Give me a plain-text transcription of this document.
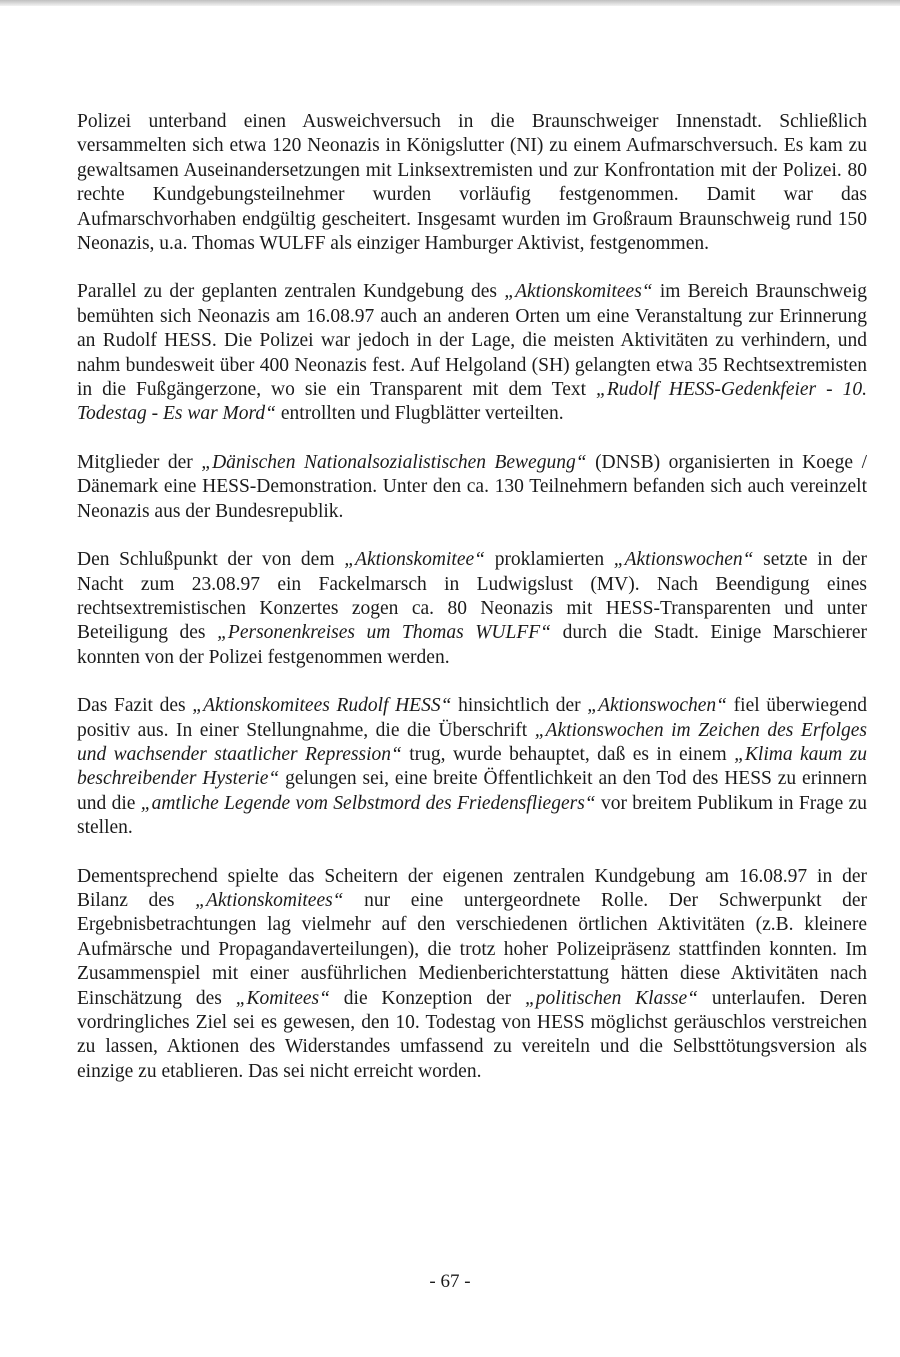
Polizei unterband einen Ausweichversuch in die Braunschweiger Innenstadt. Schließlich versammelten sich etwa 120 Neonazis in Königslutter (NI) zu einem Aufmarschversuch. Es kam zu gewaltsamen Auseinandersetzungen mit Linksextremisten und zur Konfrontation mit der Polizei. 80 rechte Kundgebungsteilnehmer wurden vorläufig festgenommen. Damit war das Aufmarschvorhaben endgültig gescheitert. Insgesamt wurden im Großraum Braunschweig rund 150 Neonazis, u.a. Thomas WULFF als einziger Hamburger Aktivist, festgenommen.

Parallel zu der geplanten zentralen Kundgebung des „Aktionskomitees“ im Bereich Braunschweig bemühten sich Neonazis am 16.08.97 auch an anderen Orten um eine Veranstaltung zur Erinnerung an Rudolf HESS. Die Polizei war jedoch in der Lage, die meisten Aktivitäten zu verhindern, und nahm bundesweit über 400 Neonazis fest. Auf Helgoland (SH) gelangten etwa 35 Rechtsextremisten in die Fußgängerzone, wo sie ein Transparent mit dem Text „Rudolf HESS-Gedenkfeier - 10. Todestag - Es war Mord“ entrollten und Flugblätter verteilten.

Mitglieder der „Dänischen Nationalsozialistischen Bewegung“ (DNSB) organisierten in Koege / Dänemark eine HESS-Demonstration. Unter den ca. 130 Teilnehmern befanden sich auch vereinzelt Neonazis aus der Bundesrepublik.

Den Schlußpunkt der von dem „Aktionskomitee“ proklamierten „Aktionswochen“ setzte in der Nacht zum 23.08.97 ein Fackelmarsch in Ludwigslust (MV). Nach Beendigung eines rechtsextremistischen Konzertes zogen ca. 80 Neonazis mit HESS-Transparenten und unter Beteiligung des „Personenkreises um Thomas WULFF“ durch die Stadt. Einige Marschierer konnten von der Polizei festgenommen werden.

Das Fazit des „Aktionskomitees Rudolf HESS“ hinsichtlich der „Aktionswochen“ fiel überwiegend positiv aus. In einer Stellungnahme, die die Überschrift „Aktionswochen im Zeichen des Erfolges und wachsender staatlicher Repression“ trug, wurde behauptet, daß es in einem „Klima kaum zu beschreibender Hysterie“ gelungen sei, eine breite Öffentlichkeit an den Tod des HESS zu erinnern und die „amtliche Legende vom Selbstmord des Friedensfliegers“ vor breitem Publikum in Frage zu stellen.

Dementsprechend spielte das Scheitern der eigenen zentralen Kundgebung am 16.08.97 in der Bilanz des „Aktionskomitees“ nur eine untergeordnete Rolle. Der Schwerpunkt der Ergebnisbetrachtungen lag vielmehr auf den verschiedenen örtlichen Aktivitäten (z.B. kleinere Aufmärsche und Propagandaverteilungen), die trotz hoher Polizeipräsenz stattfinden konnten. Im Zusammenspiel mit einer ausführlichen Medienberichterstattung hätten diese Aktivitäten nach Einschätzung des „Komitees“ die Konzeption der „politischen Klasse“ unterlaufen. Deren vordringliches Ziel sei es gewesen, den 10. Todestag von HESS möglichst geräuschlos verstreichen zu lassen, Aktionen des Widerstandes umfassend zu vereiteln und die Selbsttötungsversion als einzige zu etablieren. Das sei nicht erreicht worden.

- 67 -
